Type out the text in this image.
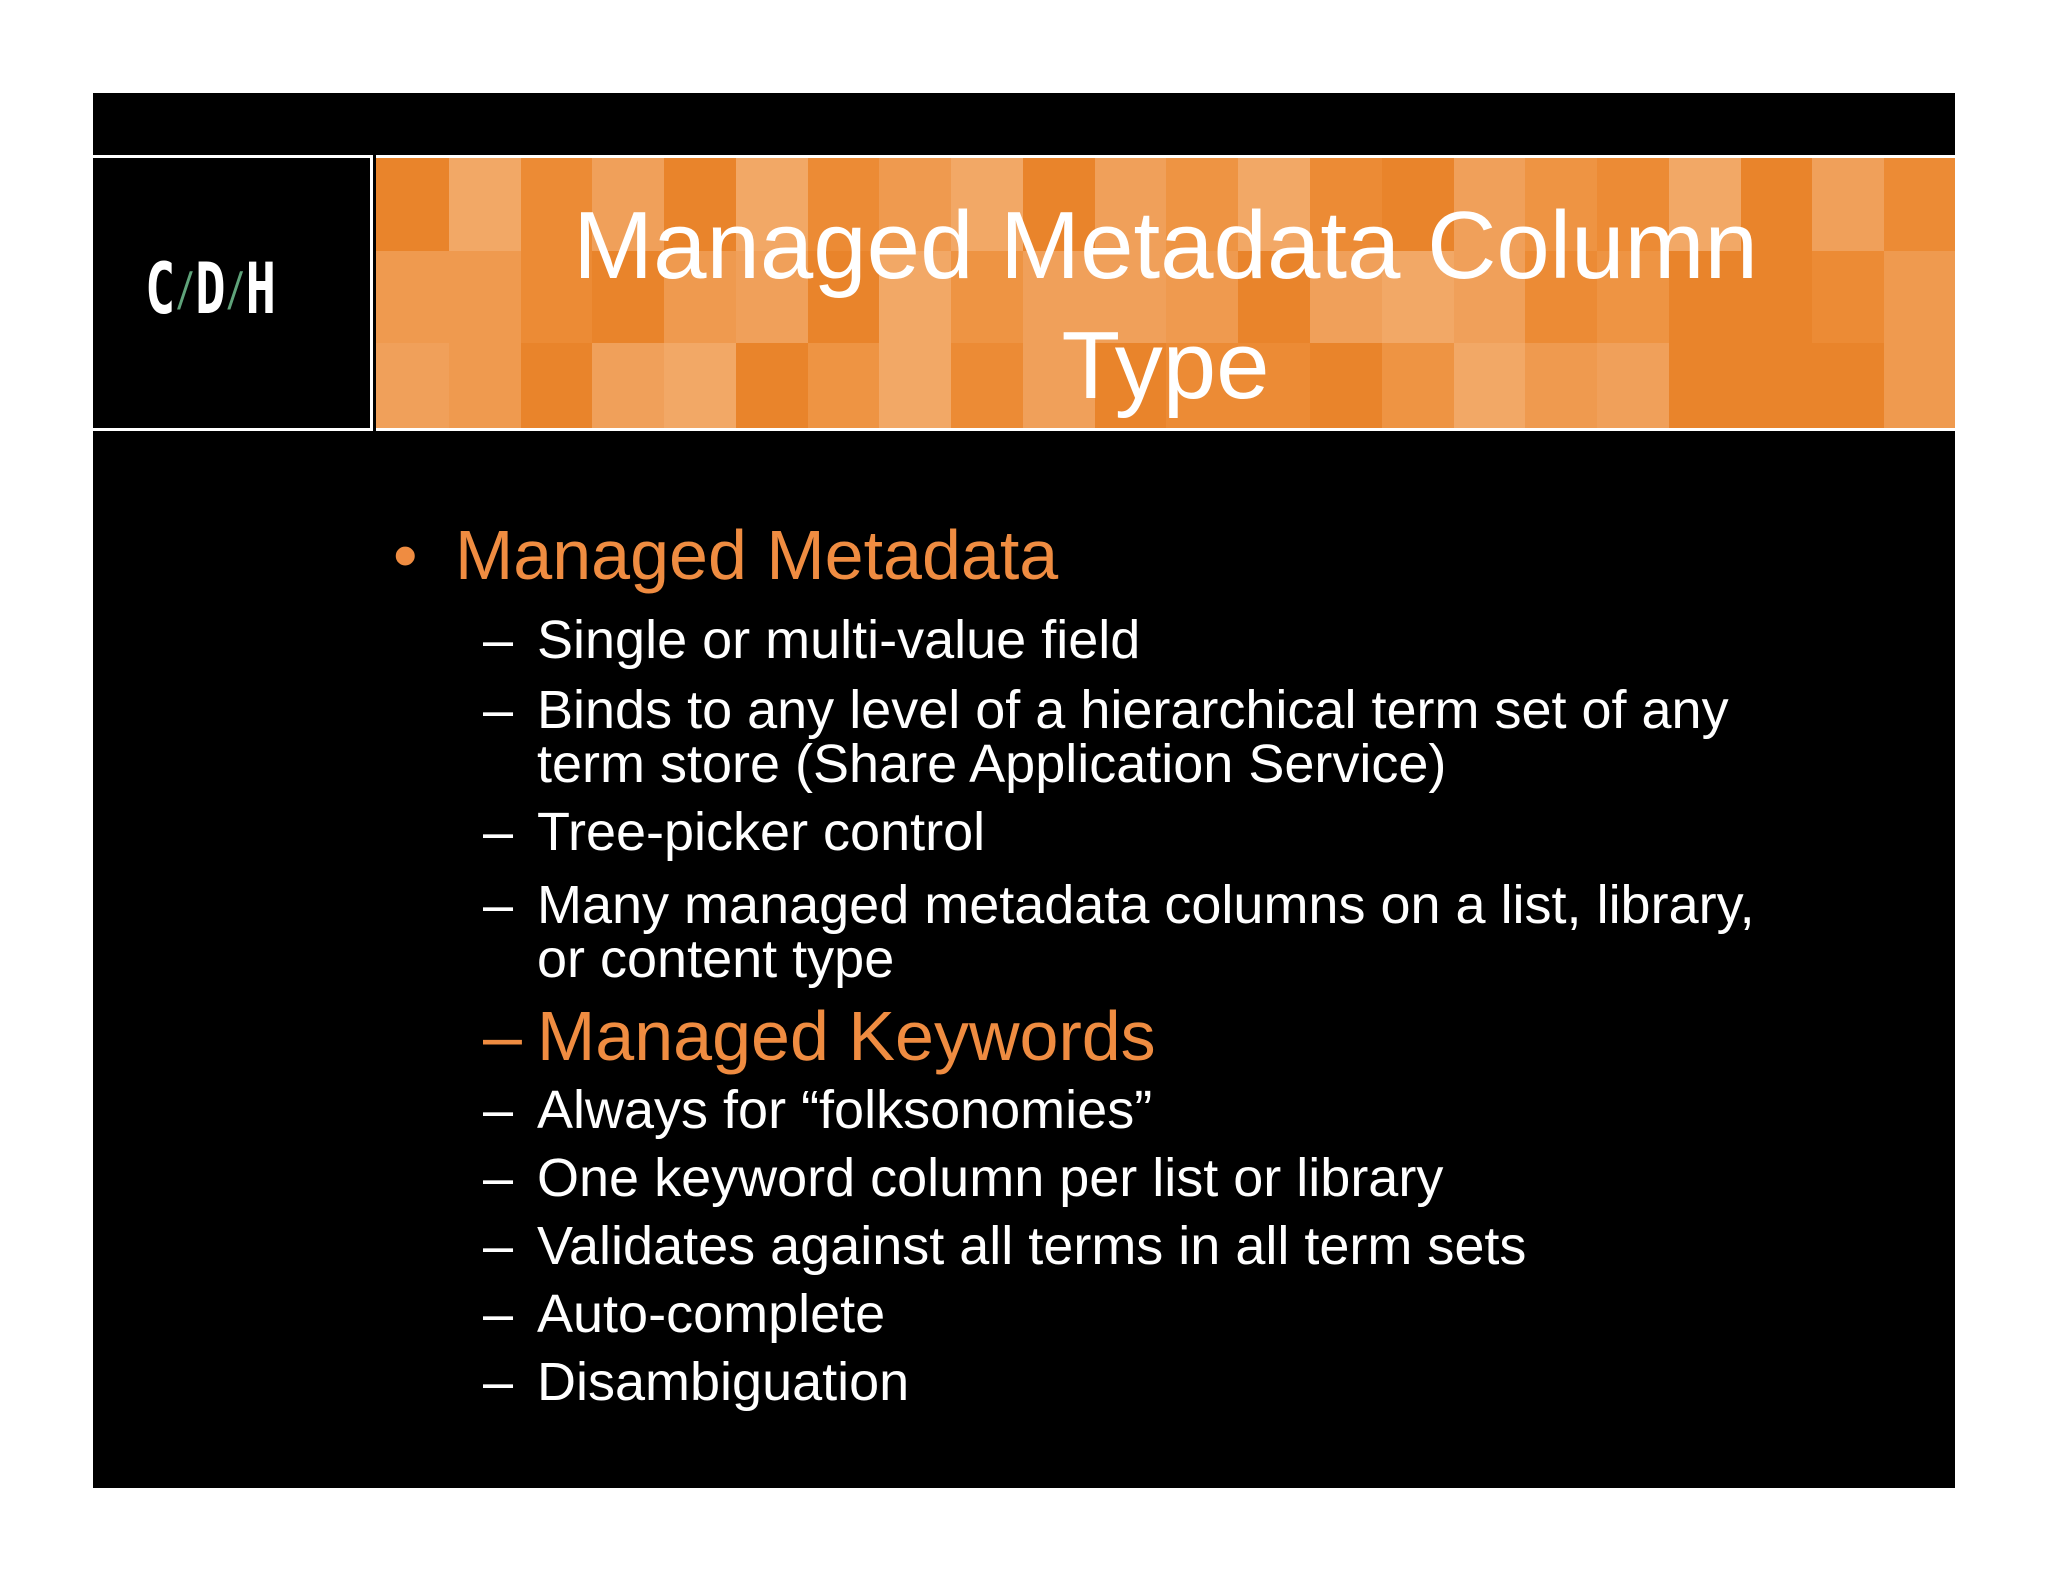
C/D/H	Managed Metadata Column
Type
• Managed Metadata
– Single or multi-value field
– Binds to any level of a hierarchical term set of any
term store (Share Application Service)
– Tree-picker control
– Many managed metadata columns on a list, library,
or content type
– Managed Keywords
– Always for “folksonomies”
– One keyword column per list or library
– Validates against all terms in all term sets
– Auto-complete
– Disambiguation
